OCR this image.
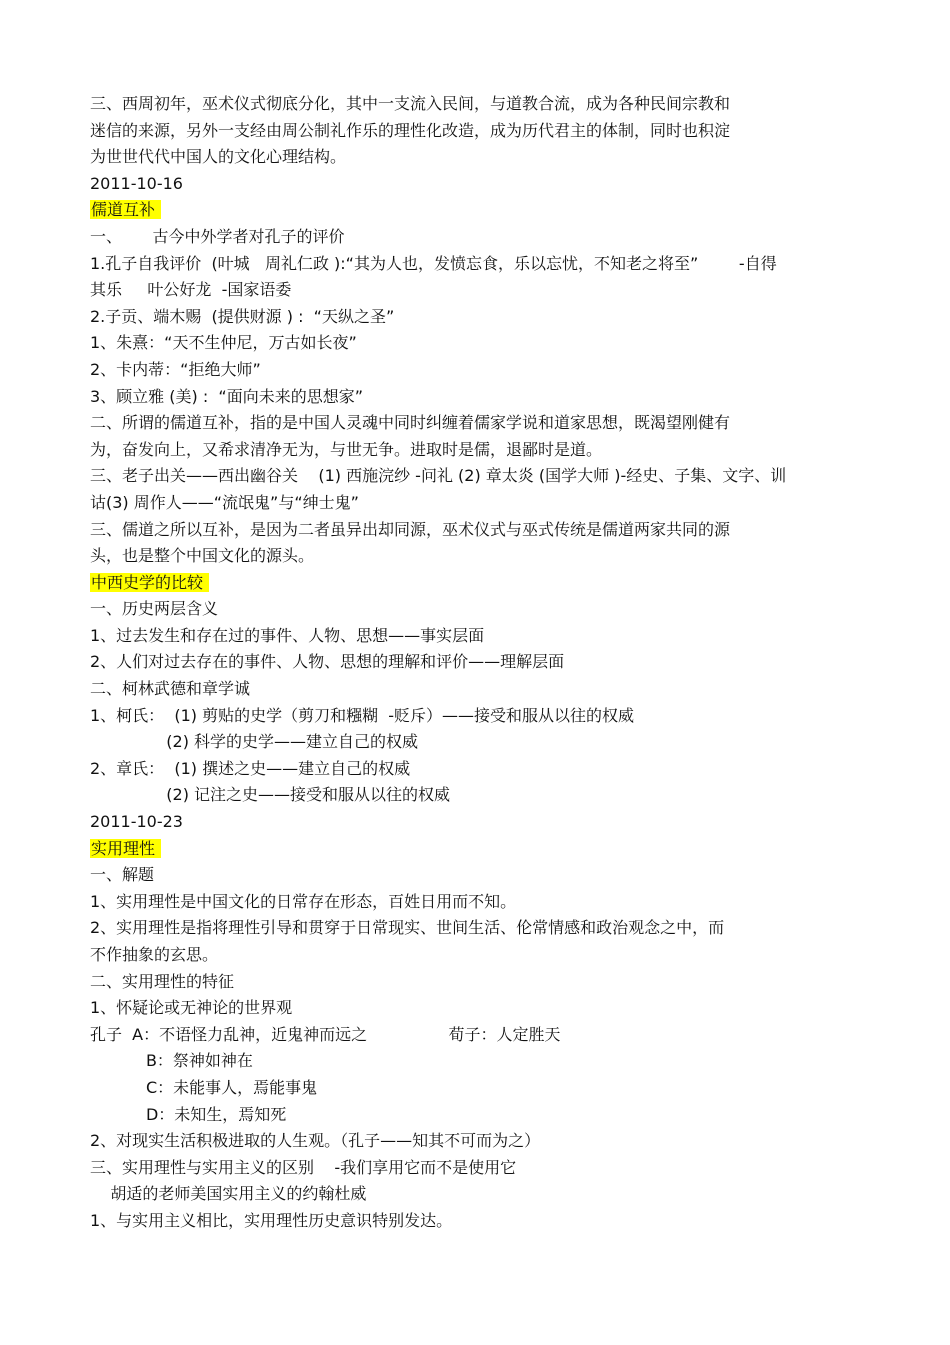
三、西周初年，巫术仪式彻底分化，其中一支流入民间，与道教合流，成为各种民间宗教和
迷信的来源，另外一支经由周公制礼作乐的理性化改造，成为历代君主的体制，同时也积淀
为世世代代中国人的文化心理结构。
2011-10-16
儒道互补
一、      古今中外学者对孔子的评价
1.孔子自我评价  (叶城   周礼仁政 ):“其为人也，发愤忘食，乐以忘忧，不知老之将至”        -自得
其乐     叶公好龙  -国家语委
2.子贡、端木赐  (提供财源 ) :  “天纵之圣”
1、朱熹：“天不生仲尼，万古如长夜”
2、卡内蒂：“拒绝大师”
3、顾立雅 (美) :  “面向未来的思想家”
二、所谓的儒道互补，指的是中国人灵魂中同时纠缠着儒家学说和道家思想，既渴望刚健有
为，奋发向上，又希求清净无为，与世无争。进取时是儒，退鄙时是道。
三、老子出关——西出幽谷关    (1) 西施浣纱 -问礼 (2) 章太炎 (国学大师 )-经史、子集、文字、训
诂(3) 周作人——“流氓鬼”与“绅士鬼”
三、儒道之所以互补，是因为二者虽异出却同源，巫术仪式与巫式传统是儒道两家共同的源
头，也是整个中国文化的源头。
中西史学的比较
一、历史两层含义
1、过去发生和存在过的事件、人物、思想——事实层面
2、人们对过去存在的事件、人物、思想的理解和评价——理解层面
二、柯林武德和章学诚
1、柯氏：  (1) 剪贴的史学（剪刀和糨糊  -贬斥）——接受和服从以往的权威
(2) 科学的史学——建立自己的权威
2、章氏：  (1) 撰述之史——建立自己的权威
(2) 记注之史——接受和服从以往的权威
2011-10-23
实用理性
一、解题
1、实用理性是中国文化的日常存在形态，百姓日用而不知。
2、实用理性是指将理性引导和贯穿于日常现实、世间生活、伦常情感和政治观念之中，而
不作抽象的玄思。
二、实用理性的特征
1、怀疑论或无神论的世界观
孔子  A：不语怪力乱神，近鬼神而远之                荀子：人定胜天
B：祭神如神在
C：未能事人，焉能事鬼
D：未知生，焉知死
2、对现实生活积极进取的人生观。（孔子——知其不可而为之）
三、实用理性与实用主义的区别    -我们享用它而不是使用它
胡适的老师美国实用主义的约翰杜威
1、与实用主义相比，实用理性历史意识特别发达。
